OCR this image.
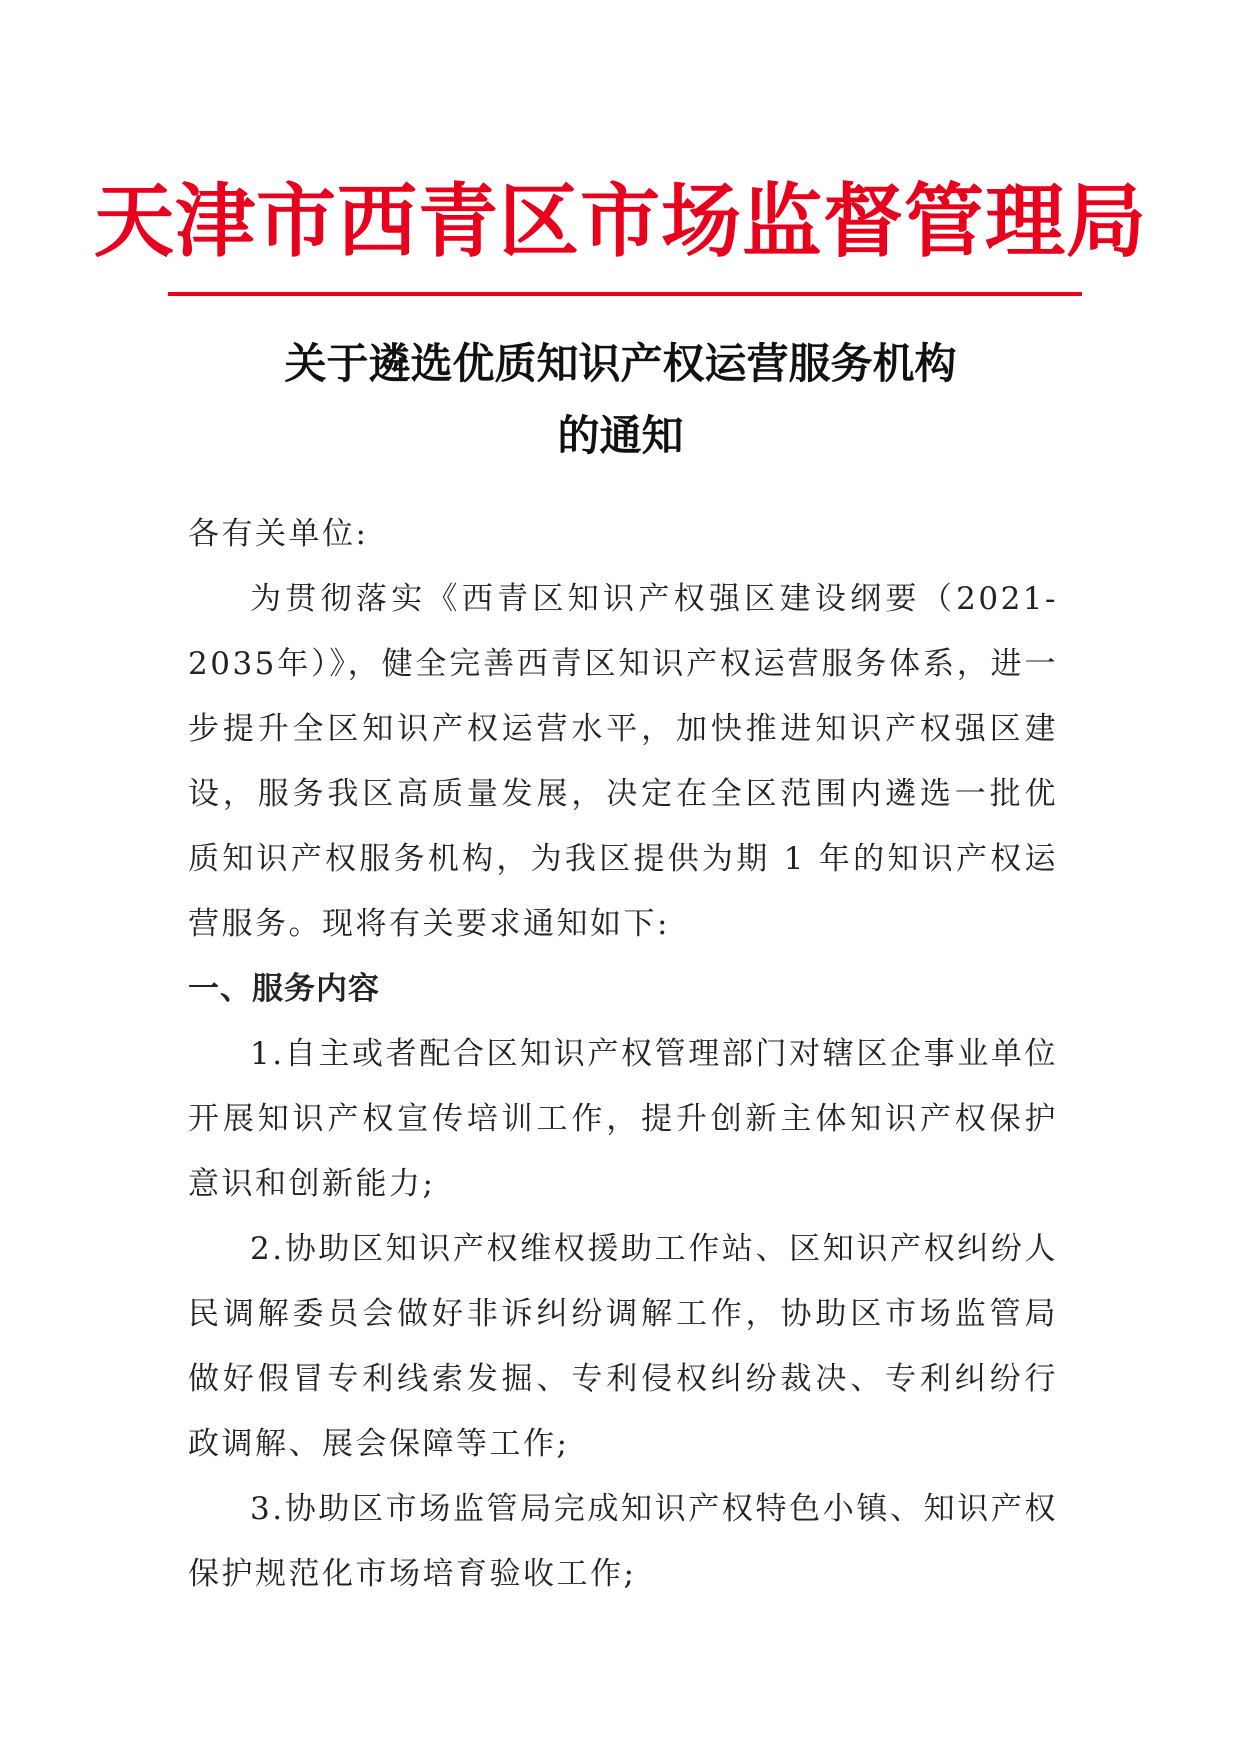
天津市西青区市场监督管理局
关于遴选优质知识产权运营服务机构
的通知

各有关单位:

为贯彻落实《西青区知识产权强区建设纲要（2021-2035年）》，健全完善西青区知识产权运营服务体系，进一步提升全区知识产权运营水平，加快推进知识产权强区建设，服务我区高质量发展，决定在全区范围内遴选一批优质知识产权服务机构，为我区提供为期 1 年的知识产权运营服务。现将有关要求通知如下:

一、服务内容

1.自主或者配合区知识产权管理部门对辖区企事业单位开展知识产权宣传培训工作，提升创新主体知识产权保护意识和创新能力;

2.协助区知识产权维权援助工作站、区知识产权纠纷人民调解委员会做好非诉纠纷调解工作，协助区市场监管局做好假冒专利线索发掘、专利侵权纠纷裁决、专利纠纷行政调解、展会保障等工作;

3.协助区市场监管局完成知识产权特色小镇、知识产权保护规范化市场培育验收工作;
